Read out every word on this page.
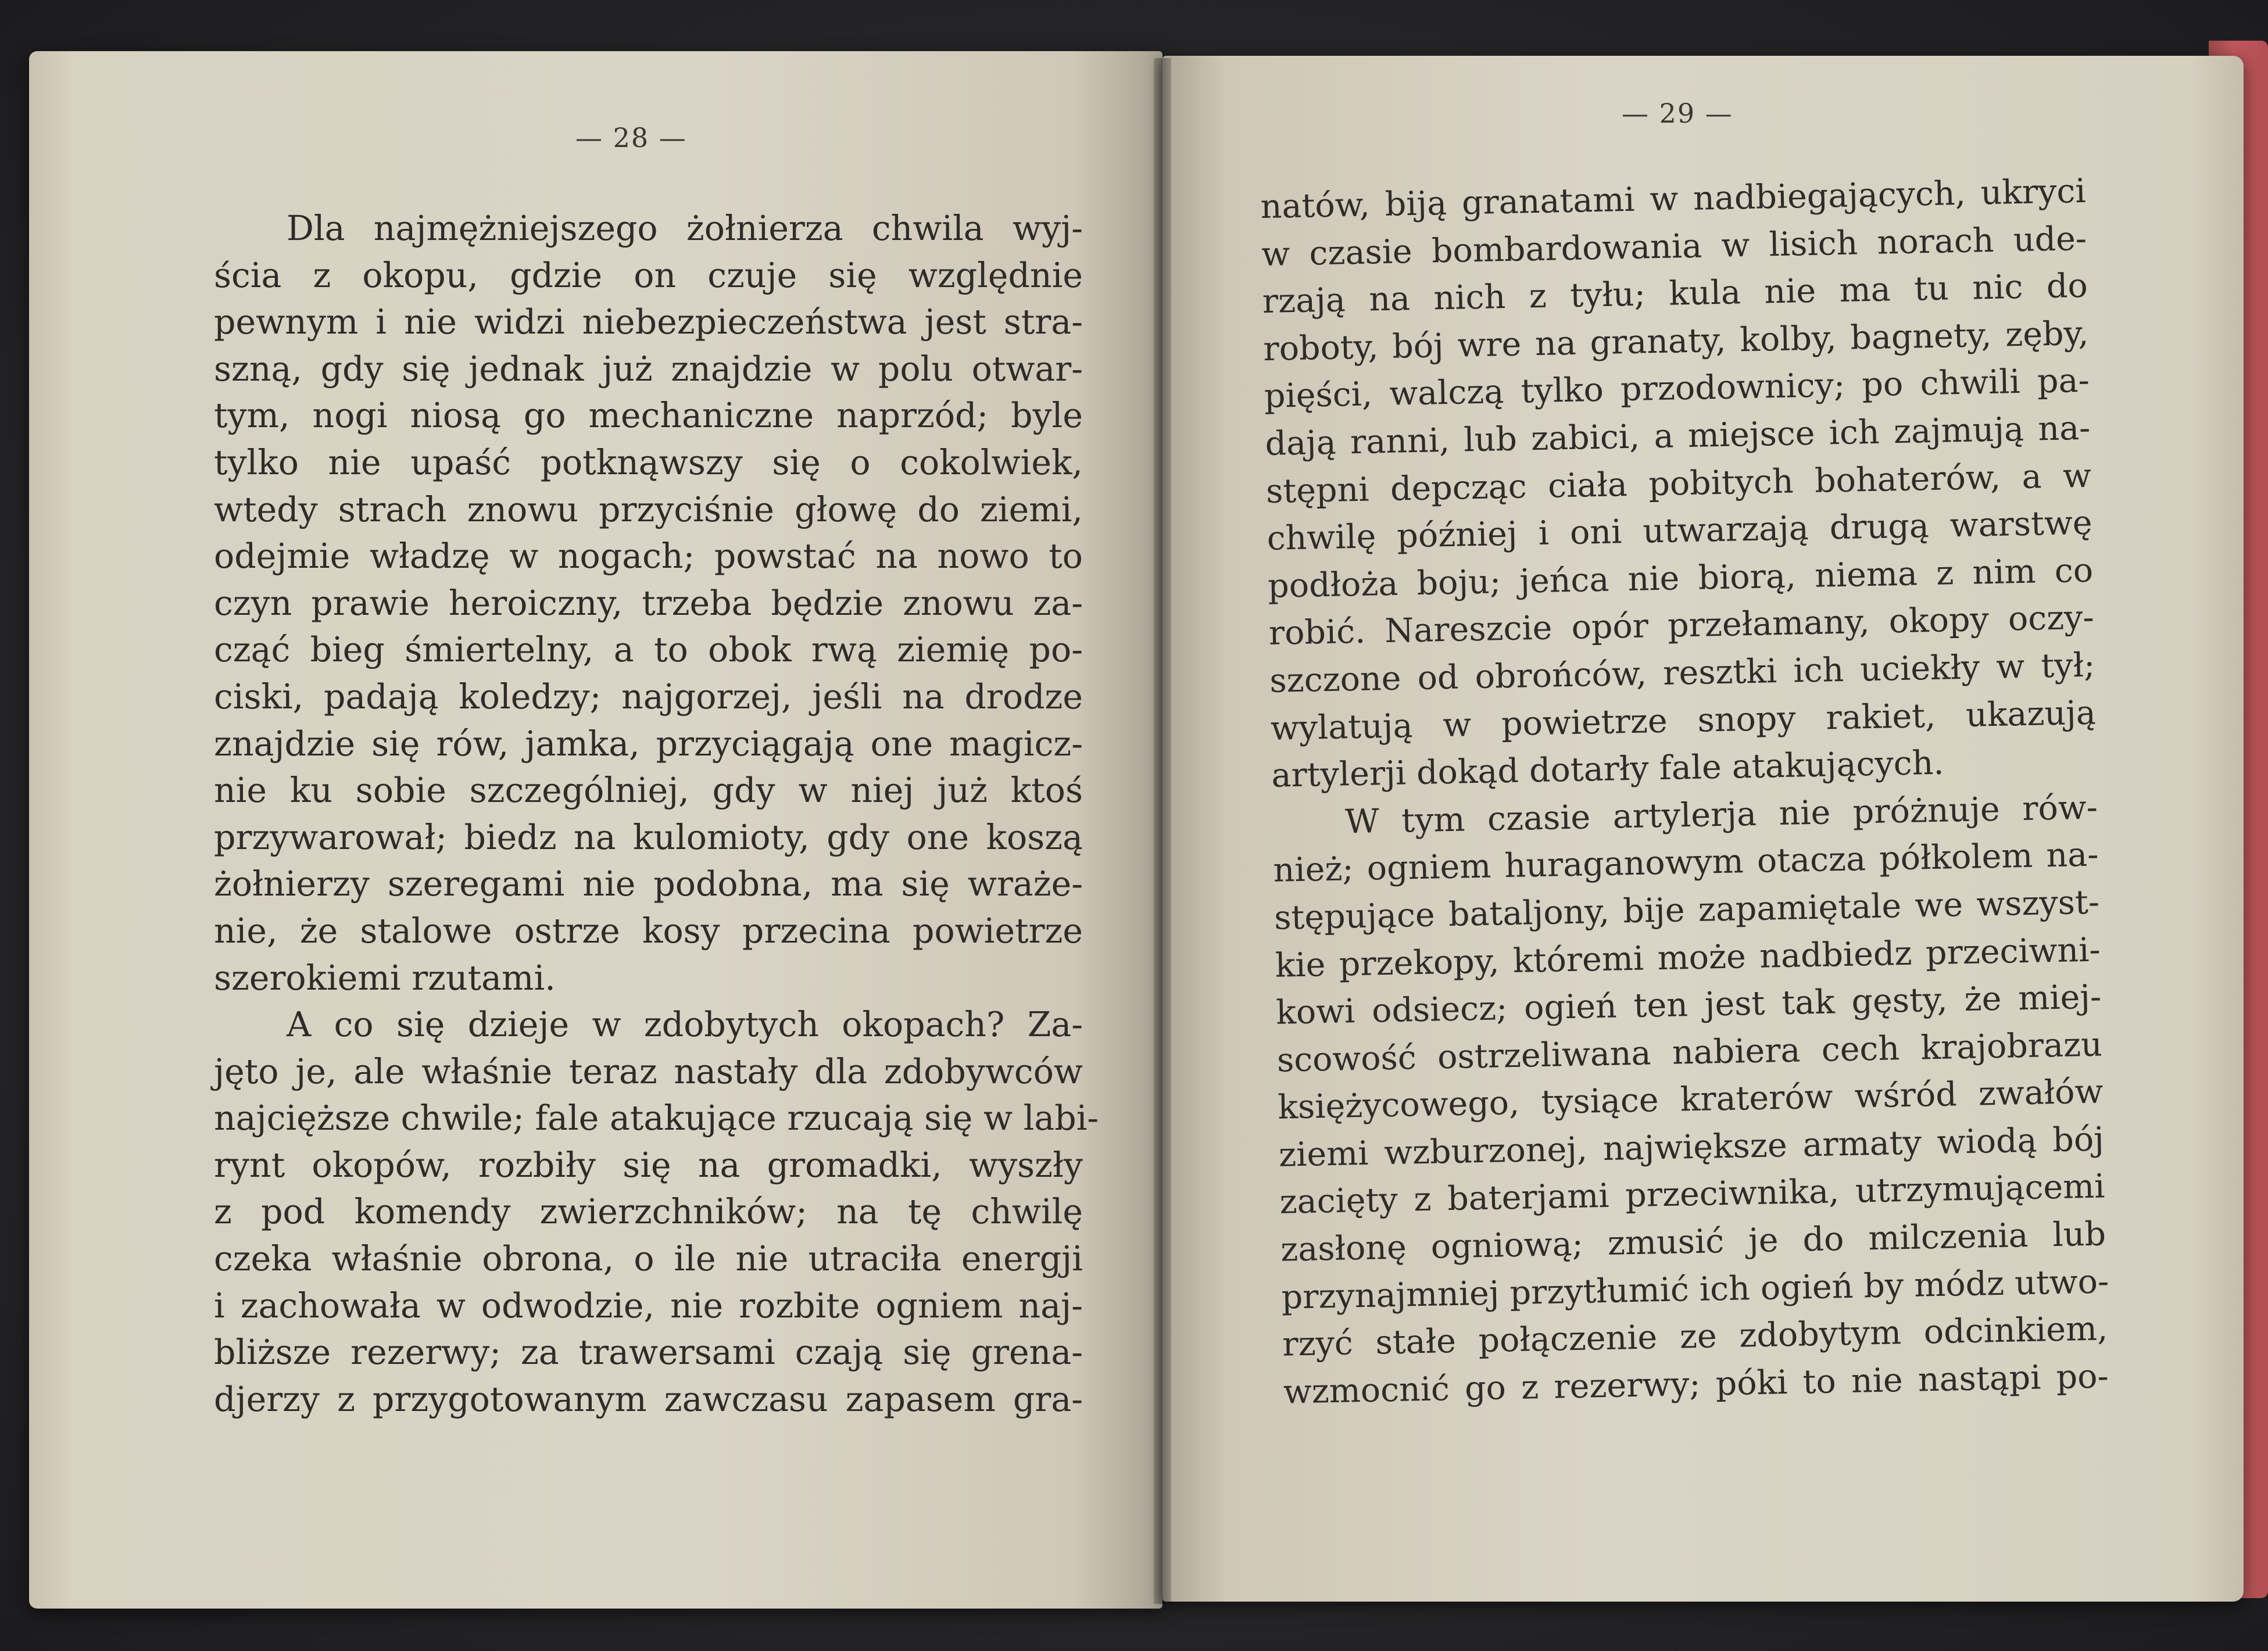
— 28 —
Dla najmężniejszego żołnierza chwila wyj-
ścia z okopu, gdzie on czuje się względnie
pewnym i nie widzi niebezpieczeństwa jest stra-
szną, gdy się jednak już znajdzie w polu otwar-
tym, nogi niosą go mechaniczne naprzód; byle
tylko nie upaść potknąwszy się o cokolwiek,
wtedy strach znowu przyciśnie głowę do ziemi,
odejmie władzę w nogach; powstać na nowo to
czyn prawie heroiczny, trzeba będzie znowu za-
cząć bieg śmiertelny, a to obok rwą ziemię po-
ciski, padają koledzy; najgorzej, jeśli na drodze
znajdzie się rów, jamka, przyciągają one magicz-
nie ku sobie szczególniej, gdy w niej już ktoś
przywarował; biedz na kulomioty, gdy one koszą
żołnierzy szeregami nie podobna, ma się wraże-
nie, że stalowe ostrze kosy przecina powietrze
szerokiemi rzutami.
A co się dzieje w zdobytych okopach? Za-
jęto je, ale właśnie teraz nastały dla zdobywców
najcięższe chwile; fale atakujące rzucają się w labi-
rynt okopów, rozbiły się na gromadki, wyszły
z pod komendy zwierzchników; na tę chwilę
czeka właśnie obrona, o ile nie utraciła energji
i zachowała w odwodzie, nie rozbite ogniem naj-
bliższe rezerwy; za trawersami czają się grena-
djerzy z przygotowanym zawczasu zapasem gra-
— 29 —
natów, biją granatami w nadbiegających, ukryci
w czasie bombardowania w lisich norach ude-
rzają na nich z tyłu; kula nie ma tu nic do
roboty, bój wre na granaty, kolby, bagnety, zęby,
pięści, walczą tylko przodownicy; po chwili pa-
dają ranni, lub zabici, a miejsce ich zajmują na-
stępni depcząc ciała pobitych bohaterów, a w
chwilę później i oni utwarzają drugą warstwę
podłoża boju; jeńca nie biorą, niema z nim co
robić. Nareszcie opór przełamany, okopy oczy-
szczone od obrońców, resztki ich uciekły w tył;
wylatują w powietrze snopy rakiet, ukazują
artylerji dokąd dotarły fale atakujących.
W tym czasie artylerja nie próżnuje rów-
nież; ogniem huraganowym otacza półkolem na-
stępujące bataljony, bije zapamiętale we wszyst-
kie przekopy, któremi może nadbiedz przeciwni-
kowi odsiecz; ogień ten jest tak gęsty, że miej-
scowość ostrzeliwana nabiera cech krajobrazu
księżycowego, tysiące kraterów wśród zwałów
ziemi wzburzonej, największe armaty wiodą bój
zacięty z baterjami przeciwnika, utrzymującemi
zasłonę ogniową; zmusić je do milczenia lub
przynajmniej przytłumić ich ogień by módz utwo-
rzyć stałe połączenie ze zdobytym odcinkiem,
wzmocnić go z rezerwy; póki to nie nastąpi po-
